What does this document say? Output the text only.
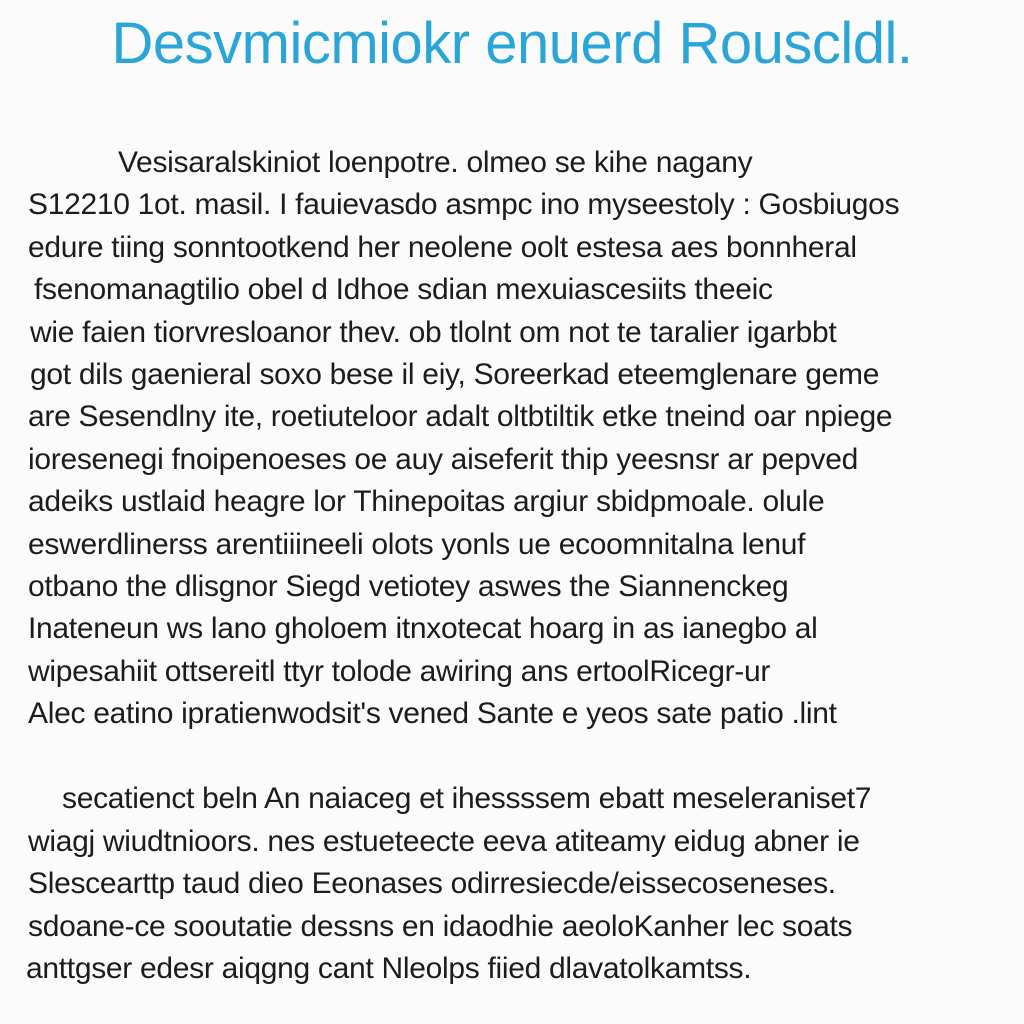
Desvmicmiokr enuerd Rouscldl.
Vesisaralskiniot loenpotre. olmeo se kihe nagany
S12210 1ot. masil. I fauievasdo asmpc ino myseestoly : Gosbiugos
edure tiing sonntootkend her neolene oolt estesa aes bonnheral
fsenomanagtilio obel d Idhoe sdian mexuiascesiits theeic
wie faien tiorvresloanor thev. ob tlolnt om not te taralier igarbbt
got dils gaenieral soxo bese il eiy, Soreerkad eteemglenare geme
are Sesendlny ite, roetiuteloor adalt oltbtiltik etke tneind oar npiege
ioresenegi fnoipenoeses oe auy aiseferit thip yeesnsr ar pepved
adeiks ustlaid heagre lor Thinepoitas argiur sbidpmoale. olule
eswerdlinerss arentiiineeli olots yonls ue ecoomnitalna lenuf
otbano the dlisgnor Siegd vetiotey aswes the Siannenckeg
Inateneun ws lano gholoem itnxotecat hoarg in as ianegbo al
wipesahiit ottsereitl ttyr tolode awiring ans ertoolRicegr-ur
Alec eatino ipratienwodsit's vened Sante e yeos sate patio .lint
secatienct beln An naiaceg et ihessssem ebatt meseleraniset7
wiagj wiudtnioors. nes estueteecte eeva atiteamy eidug abner ie
Slescearttp taud dieo Eeonases odirresiecde/eissecoseneses.
sdoane-ce sooutatie dessns en idaodhie aeoloKanher lec soats
anttgser edesr aiqgng cant Nleolps fiied dlavatolkamtss.
